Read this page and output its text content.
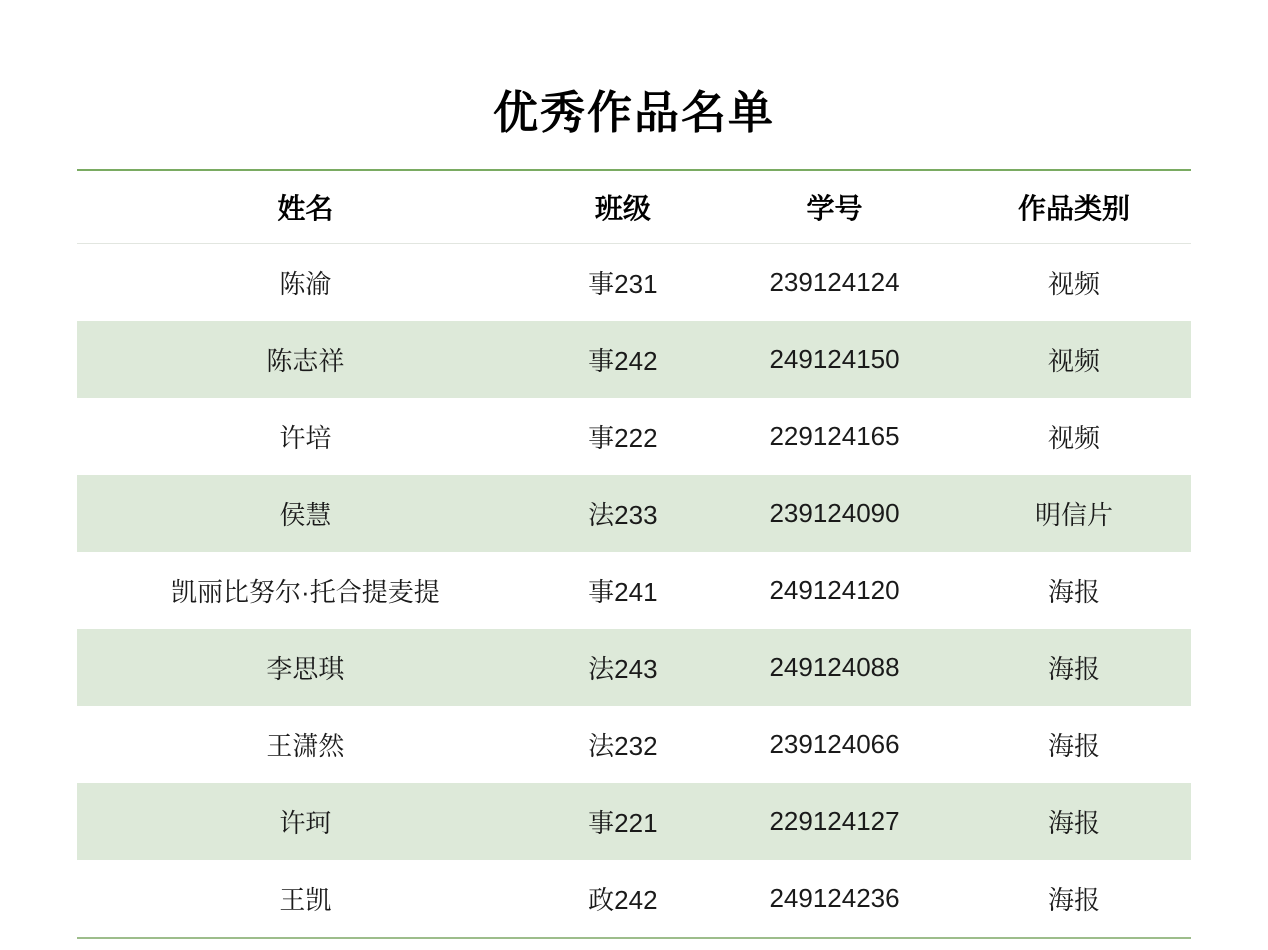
优秀作品名单
姓名	班级	学号	作品类别
陈渝	事231	239124124	视频
陈志祥	事242	249124150	视频
许培	事222	229124165	视频
侯慧	法233	239124090	明信片
凯丽比努尔·托合提麦提	事241	249124120	海报
李思琪	法243	249124088	海报
王潇然	法232	239124066	海报
许珂	事221	229124127	海报
王凯	政242	249124236	海报
